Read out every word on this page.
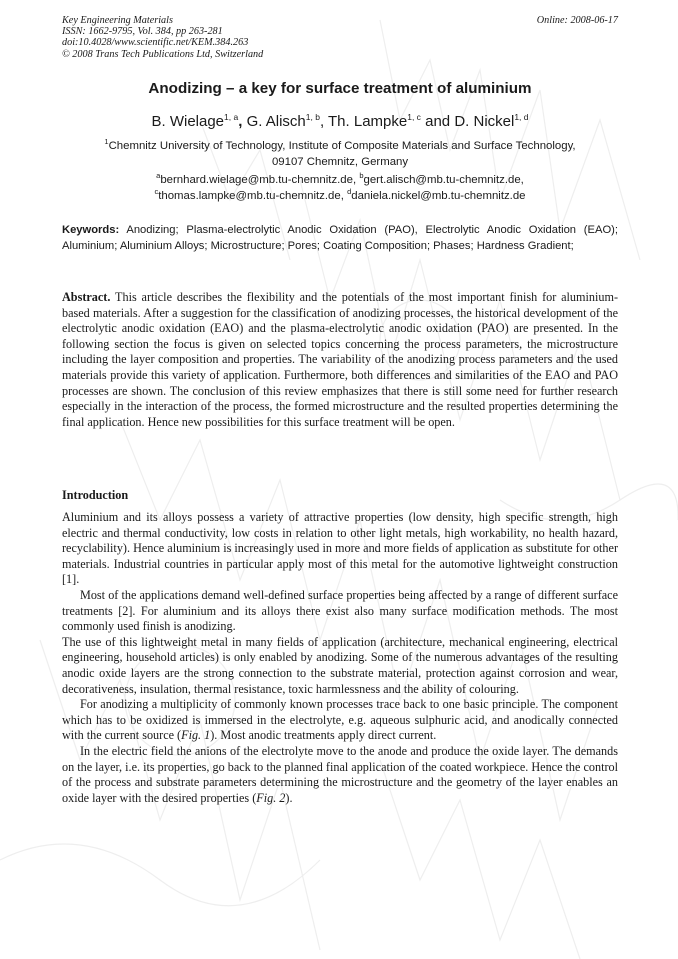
Key Engineering Materials
ISSN: 1662-9795, Vol. 384, pp 263-281
doi:10.4028/www.scientific.net/KEM.384.263
© 2008 Trans Tech Publications Ltd, Switzerland
Online: 2008-06-17
Anodizing – a key for surface treatment of aluminium
B. Wielage$^{1, a}$, G. Alisch$^{1, b}$, Th. Lampke$^{1, c}$ and D. Nickel$^{1, d}$
$^1$Chemnitz University of Technology, Institute of Composite Materials and Surface Technology,
09107 Chemnitz, Germany
$^a$bernhard.wielage@mb.tu-chemnitz.de, $^b$gert.alisch@mb.tu-chemnitz.de,
$^c$thomas.lampke@mb.tu-chemnitz.de, $^d$daniela.nickel@mb.tu-chemnitz.de
Keywords: Anodizing; Plasma-electrolytic Anodic Oxidation (PAO), Electrolytic Anodic Oxidation (EAO); Aluminium; Aluminium Alloys; Microstructure; Pores; Coating Composition; Phases; Hardness Gradient;
Abstract. This article describes the flexibility and the potentials of the most important finish for aluminium-based materials. After a suggestion for the classification of anodizing processes, the historical development of the electrolytic anodic oxidation (EAO) and the plasma-electrolytic anodic oxidation (PAO) are presented. In the following section the focus is given on selected topics concerning the process parameters, the microstructure including the layer composition and properties. The variability of the anodizing process parameters and the used materials provide this variety of application. Furthermore, both differences and similarities of the EAO and PAO processes are shown. The conclusion of this review emphasizes that there is still some need for further research especially in the interaction of the process, the formed microstructure and the resulted properties determining the final application. Hence new possibilities for this surface treatment will be open.
Introduction

Aluminium and its alloys possess a variety of attractive properties (low density, high specific strength, high electric and thermal conductivity, low costs in relation to other light metals, high workability, no health hazard, recyclability). Hence aluminium is increasingly used in more and more fields of application as substitute for other materials. Industrial countries in particular apply most of this metal for the automotive lightweight construction [1].

Most of the applications demand well-defined surface properties being affected by a range of different surface treatments [2]. For aluminium and its alloys there exist also many surface modification methods. The most commonly used finish is anodizing.

The use of this lightweight metal in many fields of application (architecture, mechanical engineering, electrical engineering, household articles) is only enabled by anodizing. Some of the numerous advantages of the resulting anodic oxide layers are the strong connection to the substrate material, protection against corrosion and wear, decorativeness, insulation, thermal resistance, toxic harmlessness and the ability of colouring.

For anodizing a multiplicity of commonly known processes trace back to one basic principle. The component which has to be oxidized is immersed in the electrolyte, e.g. aqueous sulphuric acid, and anodically connected with the current source (Fig. 1). Most anodic treatments apply direct current.

In the electric field the anions of the electrolyte move to the anode and produce the oxide layer. The demands on the layer, i.e. its properties, go back to the planned final application of the coated workpiece. Hence the control of the process and substrate parameters determining the microstructure and the geometry of the layer enables an oxide layer with the desired properties (Fig. 2).
